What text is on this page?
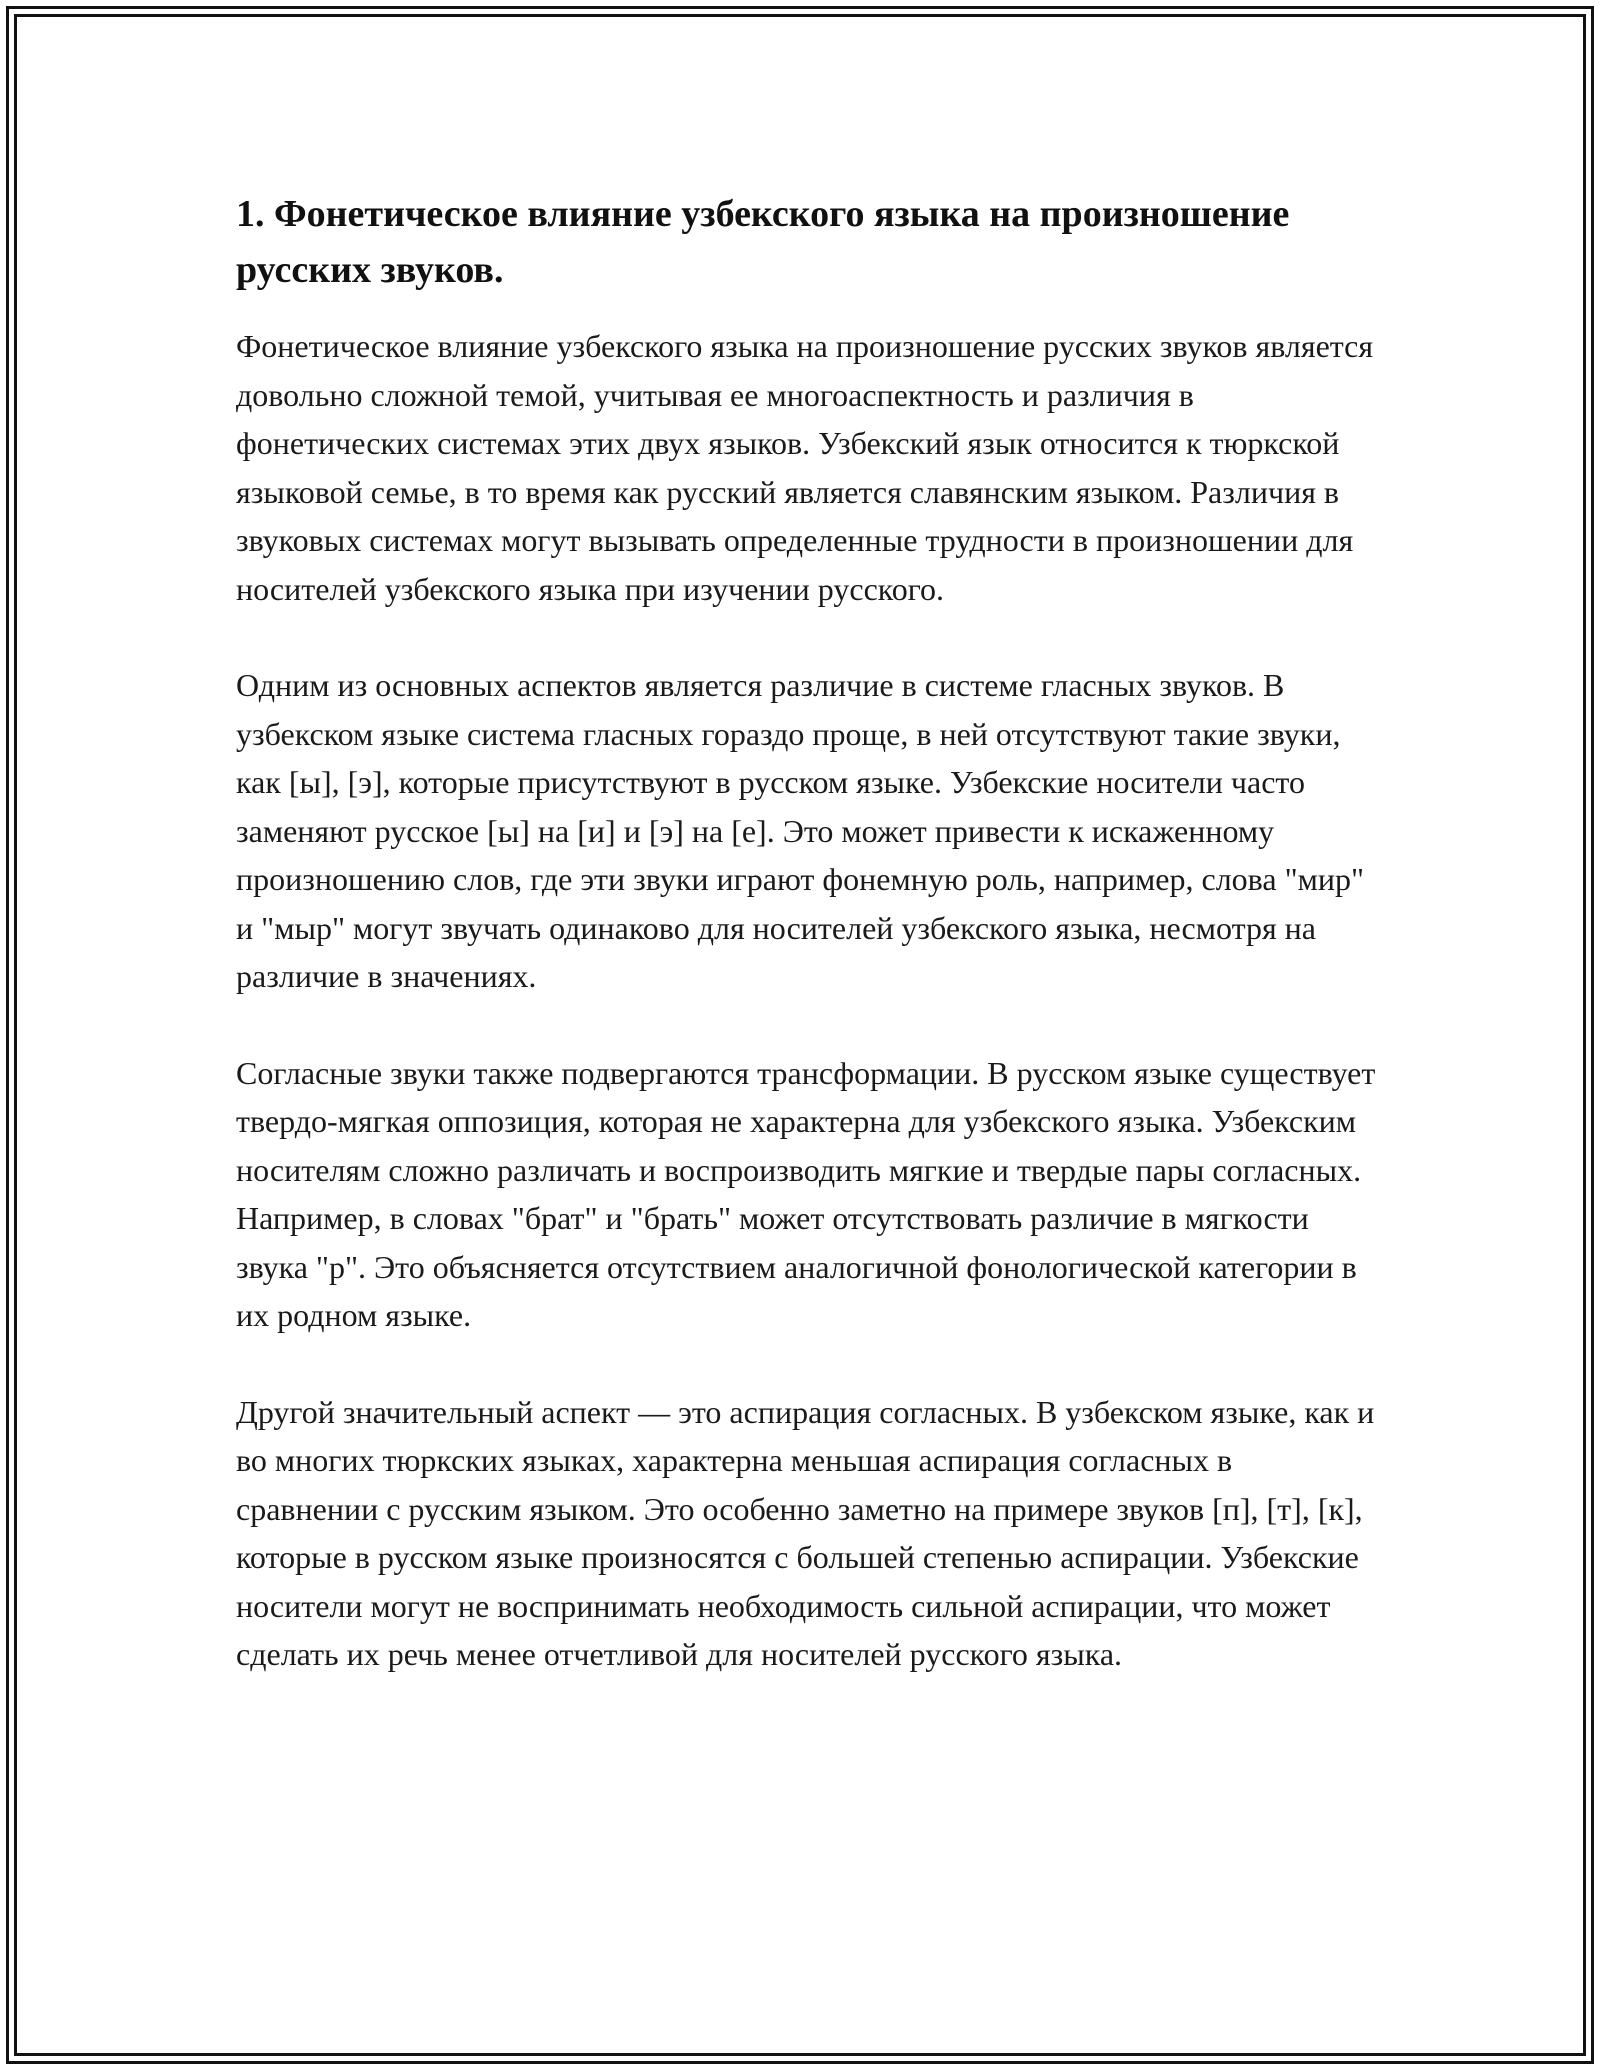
1. Фонетическое влияние узбекского языка на произношение русских звуков.

Фонетическое влияние узбекского языка на произношение русских звуков является довольно сложной темой, учитывая ее многоаспектность и различия в фонетических системах этих двух языков. Узбекский язык относится к тюркской языковой семье, в то время как русский является славянским языком. Различия в звуковых системах могут вызывать определенные трудности в произношении для носителей узбекского языка при изучении русского.

Одним из основных аспектов является различие в системе гласных звуков. В узбекском языке система гласных гораздо проще, в ней отсутствуют такие звуки, как [ы], [э], которые присутствуют в русском языке. Узбекские носители часто заменяют русское [ы] на [и] и [э] на [е]. Это может привести к искаженному произношению слов, где эти звуки играют фонемную роль, например, слова "мир" и "мыр" могут звучать одинаково для носителей узбекского языка, несмотря на различие в значениях.

Согласные звуки также подвергаются трансформации. В русском языке существует твердо-мягкая оппозиция, которая не характерна для узбекского языка. Узбекским носителям сложно различать и воспроизводить мягкие и твердые пары согласных. Например, в словах "брат" и "брать" может отсутствовать различие в мягкости звука "р". Это объясняется отсутствием аналогичной фонологической категории в их родном языке.

Другой значительный аспект — это аспирация согласных. В узбекском языке, как и во многих тюркских языках, характерна меньшая аспирация согласных в сравнении с русским языком. Это особенно заметно на примере звуков [п], [т], [к], которые в русском языке произносятся с большей степенью аспирации. Узбекские носители могут не воспринимать необходимость сильной аспирации, что может сделать их речь менее отчетливой для носителей русского языка.
